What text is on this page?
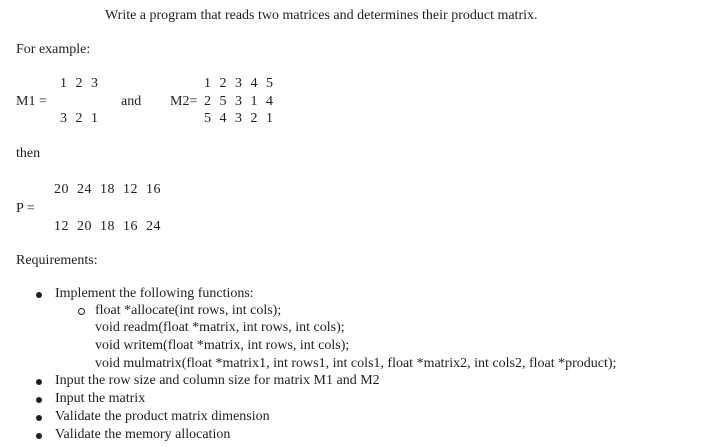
Write a program that reads two matrices and determines their product matrix.
For example:
1  2  3
M1 =
3  2  1
and M2=
1  2  3  4  5
2  5  3  1  4
5  4  3  2  1
then
20  24  18  12  16
P =
12  20  18  16  24
Requirements:
Implement the following functions:
float *allocate(int rows, int cols);
void readm(float *matrix, int rows, int cols);
void writem(float *matrix, int rows, int cols);
void mulmatrix(float *matrix1, int rows1, int cols1, float *matrix2, int cols2, float *product);
Input the row size and column size for matrix M1 and M2
Input the matrix
Validate the product matrix dimension
Validate the memory allocation
